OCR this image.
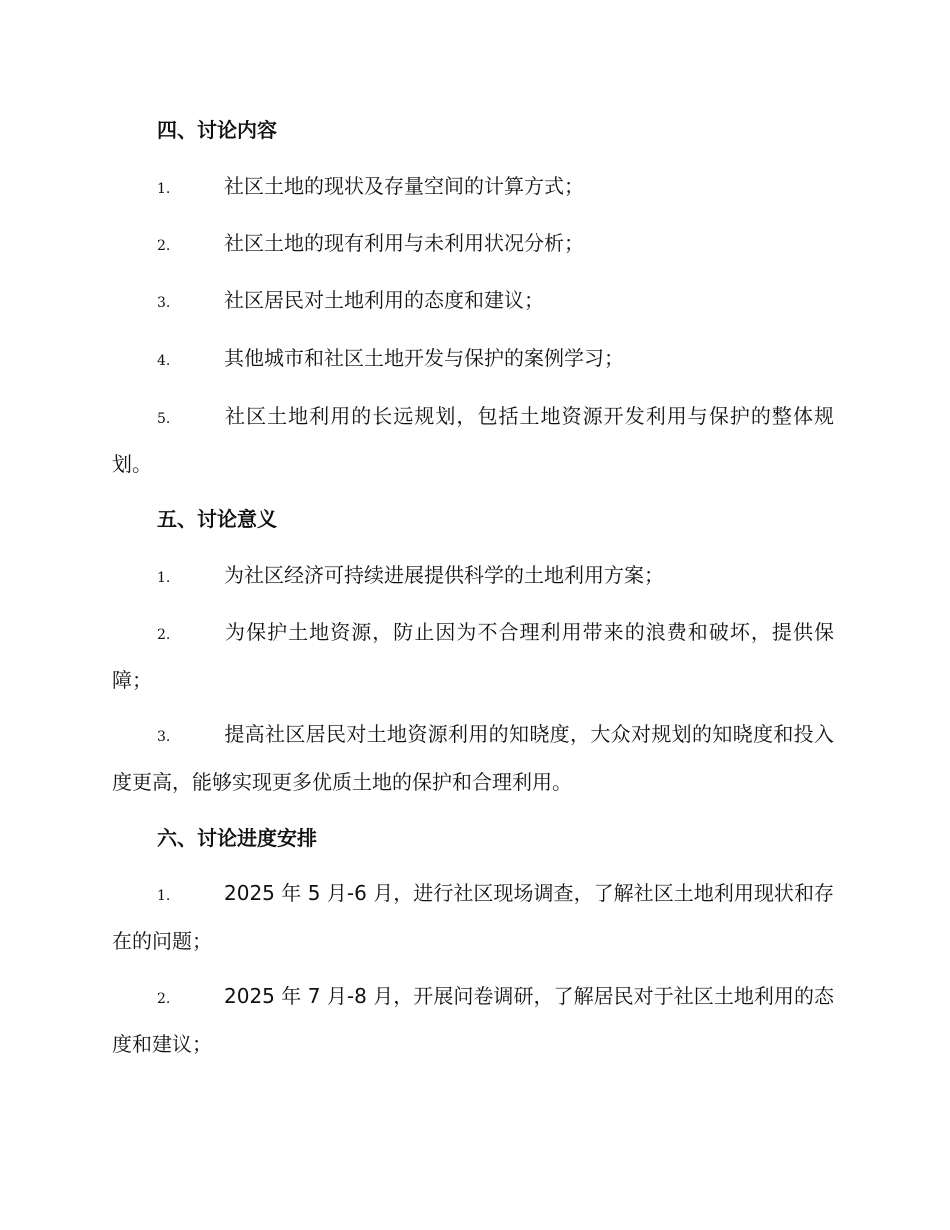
四、讨论内容
1.	社区土地的现状及存量空间的计算方式；
2.	社区土地的现有利用与未利用状况分析；
3.	社区居民对土地利用的态度和建议；
4.	其他城市和社区土地开发与保护的案例学习；
5.	社区土地利用的长远规划，包括土地资源开发利用与保护的整体规划。
五、讨论意义
1.	为社区经济可持续进展提供科学的土地利用方案；
2.	为保护土地资源，防止因为不合理利用带来的浪费和破坏，提供保障；
3.	提高社区居民对土地资源利用的知晓度，大众对规划的知晓度和投入度更高，能够实现更多优质土地的保护和合理利用。
六、讨论进度安排
1.	2025 年 5 月-6 月，进行社区现场调查，了解社区土地利用现状和存在的问题；
2.	2025 年 7 月-8 月，开展问卷调研，了解居民对于社区土地利用的态度和建议；
